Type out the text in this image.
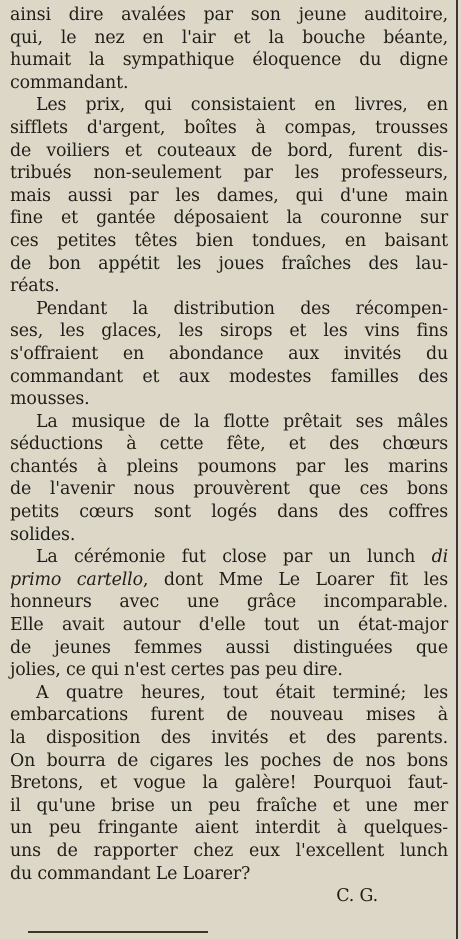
ainsi dire avalées par son jeune auditoire,

qui, le nez en l'air et la bouche béante,

humait la sympathique éloquence du digne

commandant.

Les prix, qui consistaient en livres, en

sifflets d'argent, boîtes à compas, trousses

de voiliers et couteaux de bord, furent dis-

tribués non-seulement par les professeurs,

mais aussi par les dames, qui d'une main

fine et gantée déposaient la couronne sur

ces petites têtes bien tondues, en baisant

de bon appétit les joues fraîches des lau-

réats.

Pendant la distribution des récompen-

ses, les glaces, les sirops et les vins fins

s'offraient en abondance aux invités du

commandant et aux modestes familles des

mousses.

La musique de la flotte prêtait ses mâles

séductions à cette fête, et des chœurs

chantés à pleins poumons par les marins

de l'avenir nous prouvèrent que ces bons

petits cœurs sont logés dans des coffres

solides.

La cérémonie fut close par un lunch di

primo cartello, dont Mme Le Loarer fit les

honneurs avec une grâce incomparable.

Elle avait autour d'elle tout un état-major

de jeunes femmes aussi distinguées que

jolies, ce qui n'est certes pas peu dire.

A quatre heures, tout était terminé; les

embarcations furent de nouveau mises à

la disposition des invités et des parents.

On bourra de cigares les poches de nos bons

Bretons, et vogue la galère! Pourquoi faut-

il qu'une brise un peu fraîche et une mer

un peu fringante aient interdit à quelques-

uns de rapporter chez eux l'excellent lunch

du commandant Le Loarer?

C. G.
